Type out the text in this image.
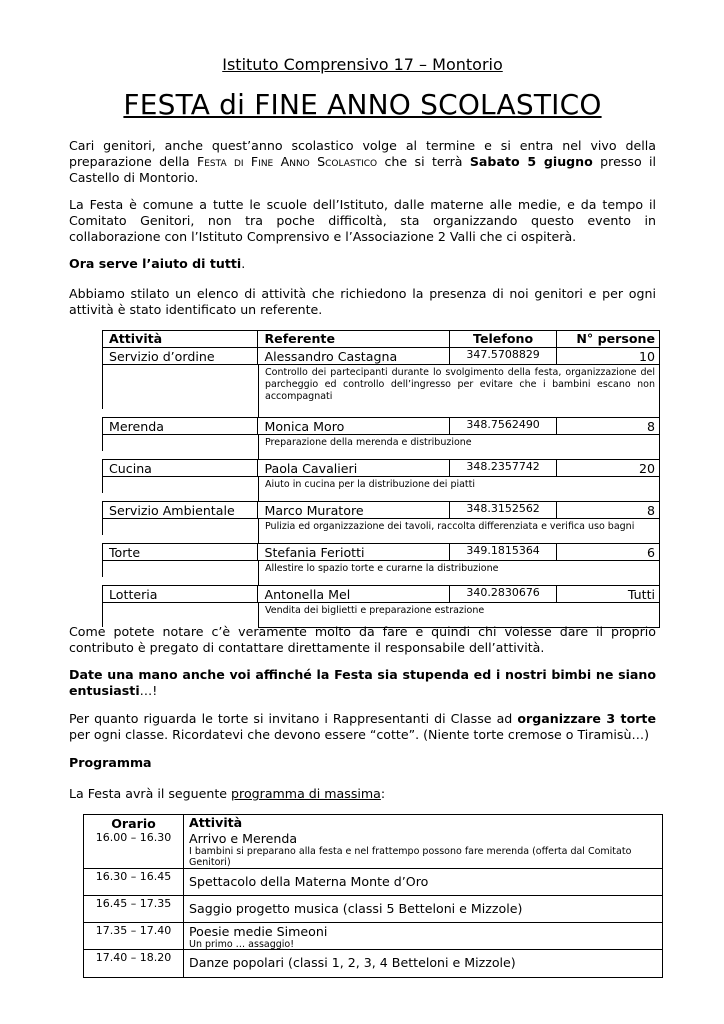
Istituto Comprensivo 17 – Montorio
FESTA di FINE ANNO SCOLASTICO

Cari genitori, anche quest’anno scolastico volge al termine e si entra nel vivo della preparazione della Festa di Fine Anno Scolastico che si terrà Sabato 5 giugno presso il Castello di Montorio.

La Festa è comune a tutte le scuole dell’Istituto, dalle materne alle medie, e da tempo il Comitato Genitori, non tra poche difficoltà, sta organizzando questo evento in collaborazione con l’Istituto Comprensivo e l’Associazione 2 Valli che ci ospiterà.

Ora serve l’aiuto di tutti.

Abbiamo stilato un elenco di attività che richiedono la presenza di noi genitori e per ogni attività è stato identificato un referente.

Attività	Referente	Telefono	N° persone
Servizio d’ordine	Alessandro Castagna	347.5708829	10
Controllo dei partecipanti durante lo svolgimento della festa, organizzazione del parcheggio ed controllo dell’ingresso per evitare che i bambini escano non accompagnati
Merenda	Monica Moro	348.7562490	8
Preparazione della merenda e distribuzione
Cucina	Paola Cavalieri	348.2357742	20
Aiuto in cucina per la distribuzione dei piatti
Servizio Ambientale	Marco Muratore	348.3152562	8
Pulizia ed organizzazione dei tavoli, raccolta differenziata e verifica uso bagni
Torte	Stefania Feriotti	349.1815364	6
Allestire lo spazio torte e curarne la distribuzione
Lotteria	Antonella Mel	340.2830676	Tutti
Vendita dei biglietti e preparazione estrazione

Come potete notare c’è veramente molto da fare e quindi chi volesse dare il proprio contributo è pregato di contattare direttamente il responsabile dell’attività.

Date una mano anche voi affinché la Festa sia stupenda ed i nostri bimbi ne siano entusiasti…!

Per quanto riguarda le torte si invitano i Rappresentanti di Classe ad organizzare 3 torte per ogni classe. Ricordatevi che devono essere “cotte”. (Niente torte cremose o Tiramisù…)

Programma

La Festa avrà il seguente programma di massima:

Orario	Attività
16.00 – 16.30	Arrivo e Merenda
I bambini si preparano alla festa e nel frattempo possono fare merenda (offerta dal Comitato Genitori)
16.30 – 16.45	Spettacolo della Materna Monte d’Oro
16.45 – 17.35	Saggio progetto musica (classi 5 Betteloni e Mizzole)
17.35 – 17.40	Poesie medie Simeoni
Un primo … assaggio!
17.40 – 18.20	Danze popolari (classi 1, 2, 3, 4 Betteloni e Mizzole)
